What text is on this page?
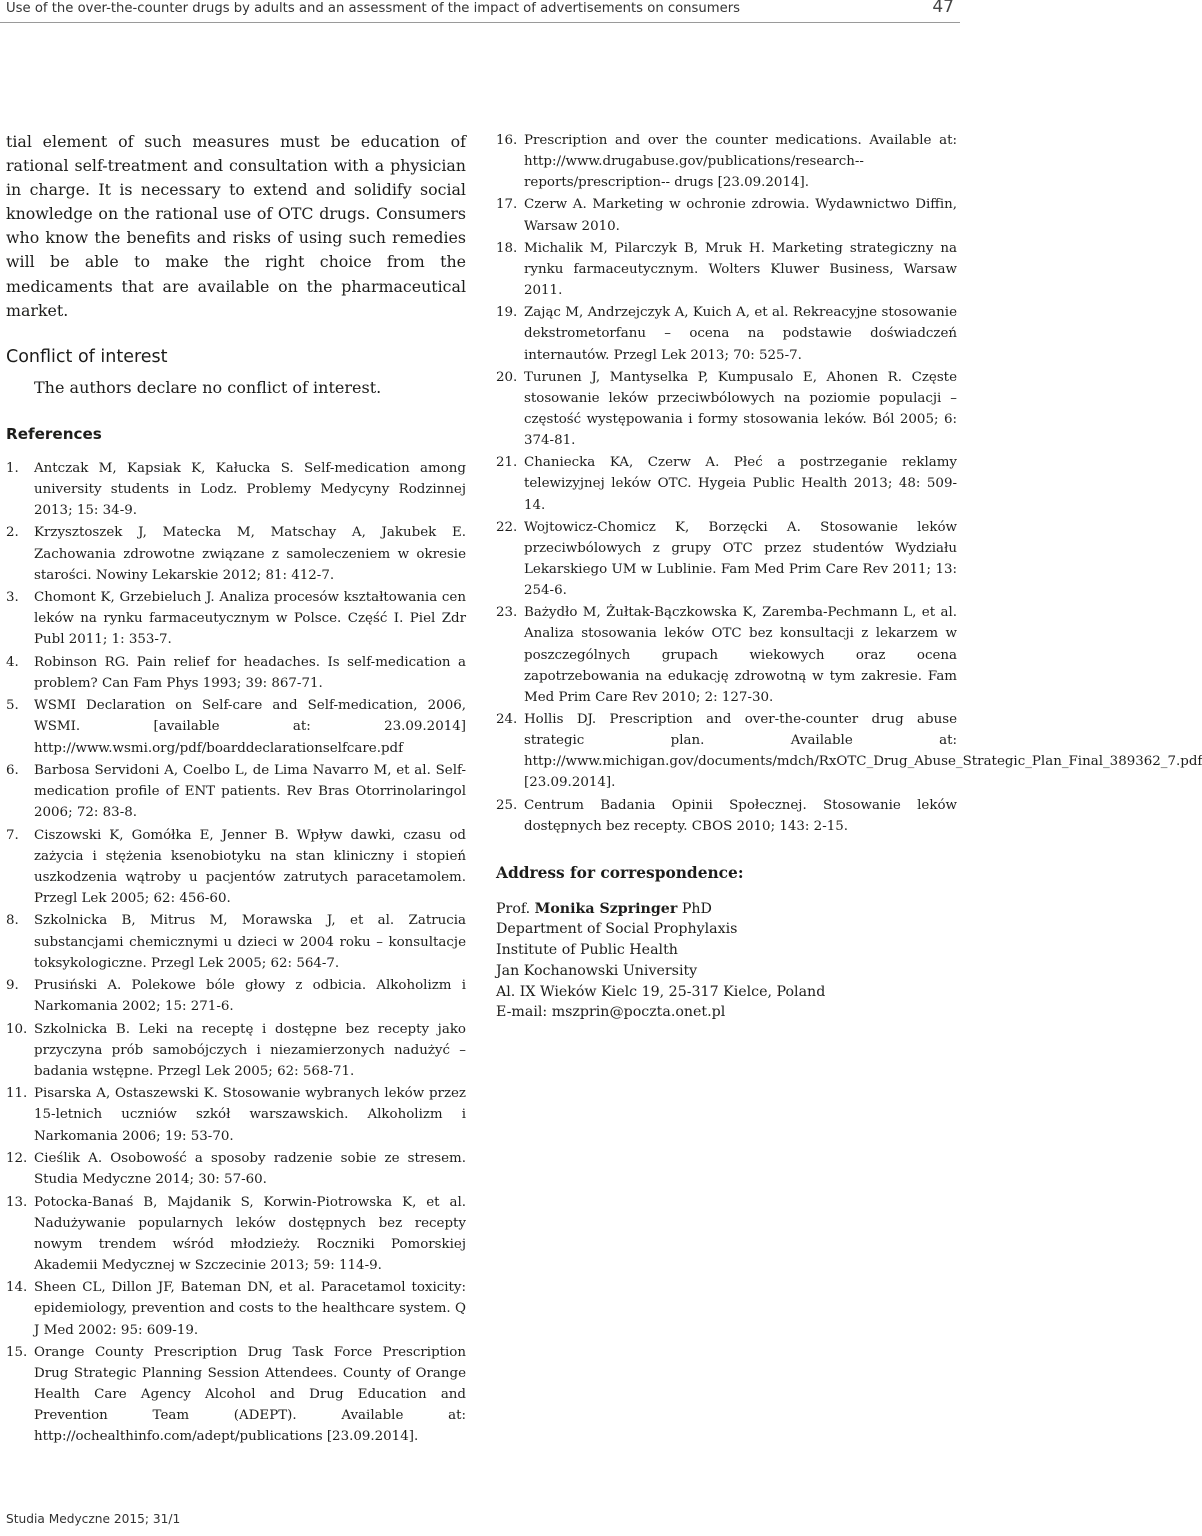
Use of the over-the-counter drugs by adults and an assessment of the impact of advertisements on consumers	47

tial element of such measures must be education of rational self-treatment and consultation with a physician in charge. It is necessary to extend and solidify social knowledge on the rational use of OTC drugs. Consumers who know the benefits and risks of using such remedies will be able to make the right choice from the medicaments that are available on the pharmaceutical market.

Conflict of interest
The authors declare no conflict of interest.
References
1. Antczak M, Kapsiak K, Kałucka S. Self-medication among university students in Lodz. Problemy Medycyny Rodzinnej 2013; 15: 34-9.
2. Krzysztoszek J, Matecka M, Matschay A, Jakubek E. Zachowania zdrowotne związane z samoleczeniem w okresie starości. Nowiny Lekarskie 2012; 81: 412-7.
3. Chomont K, Grzebieluch J. Analiza procesów kształtowania cen leków na rynku farmaceutycznym w Polsce. Część I. Piel Zdr Publ 2011; 1: 353-7.
4. Robinson RG. Pain relief for headaches. Is self-medication a problem? Can Fam Phys 1993; 39: 867-71.
5. WSMI Declaration on Self-care and Self-medication, 2006, WSMI. [available at: 23.09.2014] http://www.wsmi.org/pdf/boarddeclarationselfcare.pdf
6. Barbosa Servidoni A, Coelbo L, de Lima Navarro M, et al. Self-medication profile of ENT patients. Rev Bras Otorrinolaringol 2006; 72: 83-8.
7. Ciszowski K, Gomółka E, Jenner B. Wpływ dawki, czasu od zażycia i stężenia ksenobiotyku na stan kliniczny i stopień uszkodzenia wątroby u pacjentów zatrutych paracetamolem. Przegl Lek 2005; 62: 456-60.
8. Szkolnicka B, Mitrus M, Morawska J, et al. Zatrucia substancjami chemicznymi u dzieci w 2004 roku – konsultacje toksykologiczne. Przegl Lek 2005; 62: 564-7.
9. Prusiński A. Polekowe bóle głowy z odbicia. Alkoholizm i Narkomania 2002; 15: 271-6.
10. Szkolnicka B. Leki na receptę i dostępne bez recepty jako przyczyna prób samobójczych i niezamierzonych nadużyć – badania wstępne. Przegl Lek 2005; 62: 568-71.
11. Pisarska A, Ostaszewski K. Stosowanie wybranych leków przez 15-letnich uczniów szkół warszawskich. Alkoholizm i Narkomania 2006; 19: 53-70.
12. Cieślik A. Osobowość a sposoby radzenie sobie ze stresem. Studia Medyczne 2014; 30: 57-60.
13. Potocka-Banaś B, Majdanik S, Korwin-Piotrowska K, et al. Nadużywanie popularnych leków dostępnych bez recepty nowym trendem wśród młodzieży. Roczniki Pomorskiej Akademii Medycznej w Szczecinie 2013; 59: 114-9.
14. Sheen CL, Dillon JF, Bateman DN, et al. Paracetamol toxicity: epidemiology, prevention and costs to the healthcare system. Q J Med 2002: 95: 609-19.
15. Orange County Prescription Drug Task Force Prescription Drug Strategic Planning Session Attendees. County of Orange Health Care Agency Alcohol and Drug Education and Prevention Team (ADEPT). Available at: http://ochealthinfo.com/adept/publications [23.09.2014].
16. Prescription and over the counter medications. Available at: http://www.drugabuse.gov/publications/research-- reports/prescription-- drugs [23.09.2014].
17. Czerw A. Marketing w ochronie zdrowia. Wydawnictwo Diffin, Warsaw 2010.
18. Michalik M, Pilarczyk B, Mruk H. Marketing strategiczny na rynku farmaceutycznym. Wolters Kluwer Business, Warsaw 2011.
19. Zając M, Andrzejczyk A, Kuich A, et al. Rekreacyjne stosowanie dekstrometorfanu – ocena na podstawie doświadczeń internautów. Przegl Lek 2013; 70: 525-7.
20. Turunen J, Mantyselka P, Kumpusalo E, Ahonen R. Częste stosowanie leków przeciwbólowych na poziomie populacji – częstość występowania i formy stosowania leków. Ból 2005; 6: 374-81.
21. Chaniecka KA, Czerw A. Płeć a postrzeganie reklamy telewizyjnej leków OTC. Hygeia Public Health 2013; 48: 509-14.
22. Wojtowicz-Chomicz K, Borzęcki A. Stosowanie leków przeciwbólowych z grupy OTC przez studentów Wydziału Lekarskiego UM w Lublinie. Fam Med Prim Care Rev 2011; 13: 254-6.
23. Bażydło M, Żułtak-Bączkowska K, Zaremba-Pechmann L, et al. Analiza stosowania leków OTC bez konsultacji z lekarzem w poszczególnych grupach wiekowych oraz ocena zapotrzebowania na edukację zdrowotną w tym zakresie. Fam Med Prim Care Rev 2010; 2: 127-30.
24. Hollis DJ. Prescription and over-the-counter drug abuse strategic plan. Available at: http://www.michigan.gov/documents/mdch/RxOTC_Drug_Abuse_Strategic_Plan_Final_389362_7.pdf [23.09.2014].
25. Centrum Badania Opinii Społecznej. Stosowanie leków dostępnych bez recepty. CBOS 2010; 143: 2-15.
Address for correspondence:
Prof. Monika Szpringer PhD
Department of Social Prophylaxis
Institute of Public Health
Jan Kochanowski University
Al. IX Wieków Kielc 19, 25-317 Kielce, Poland
E-mail: mszprin@poczta.onet.pl
Studia Medyczne 2015; 31/1
